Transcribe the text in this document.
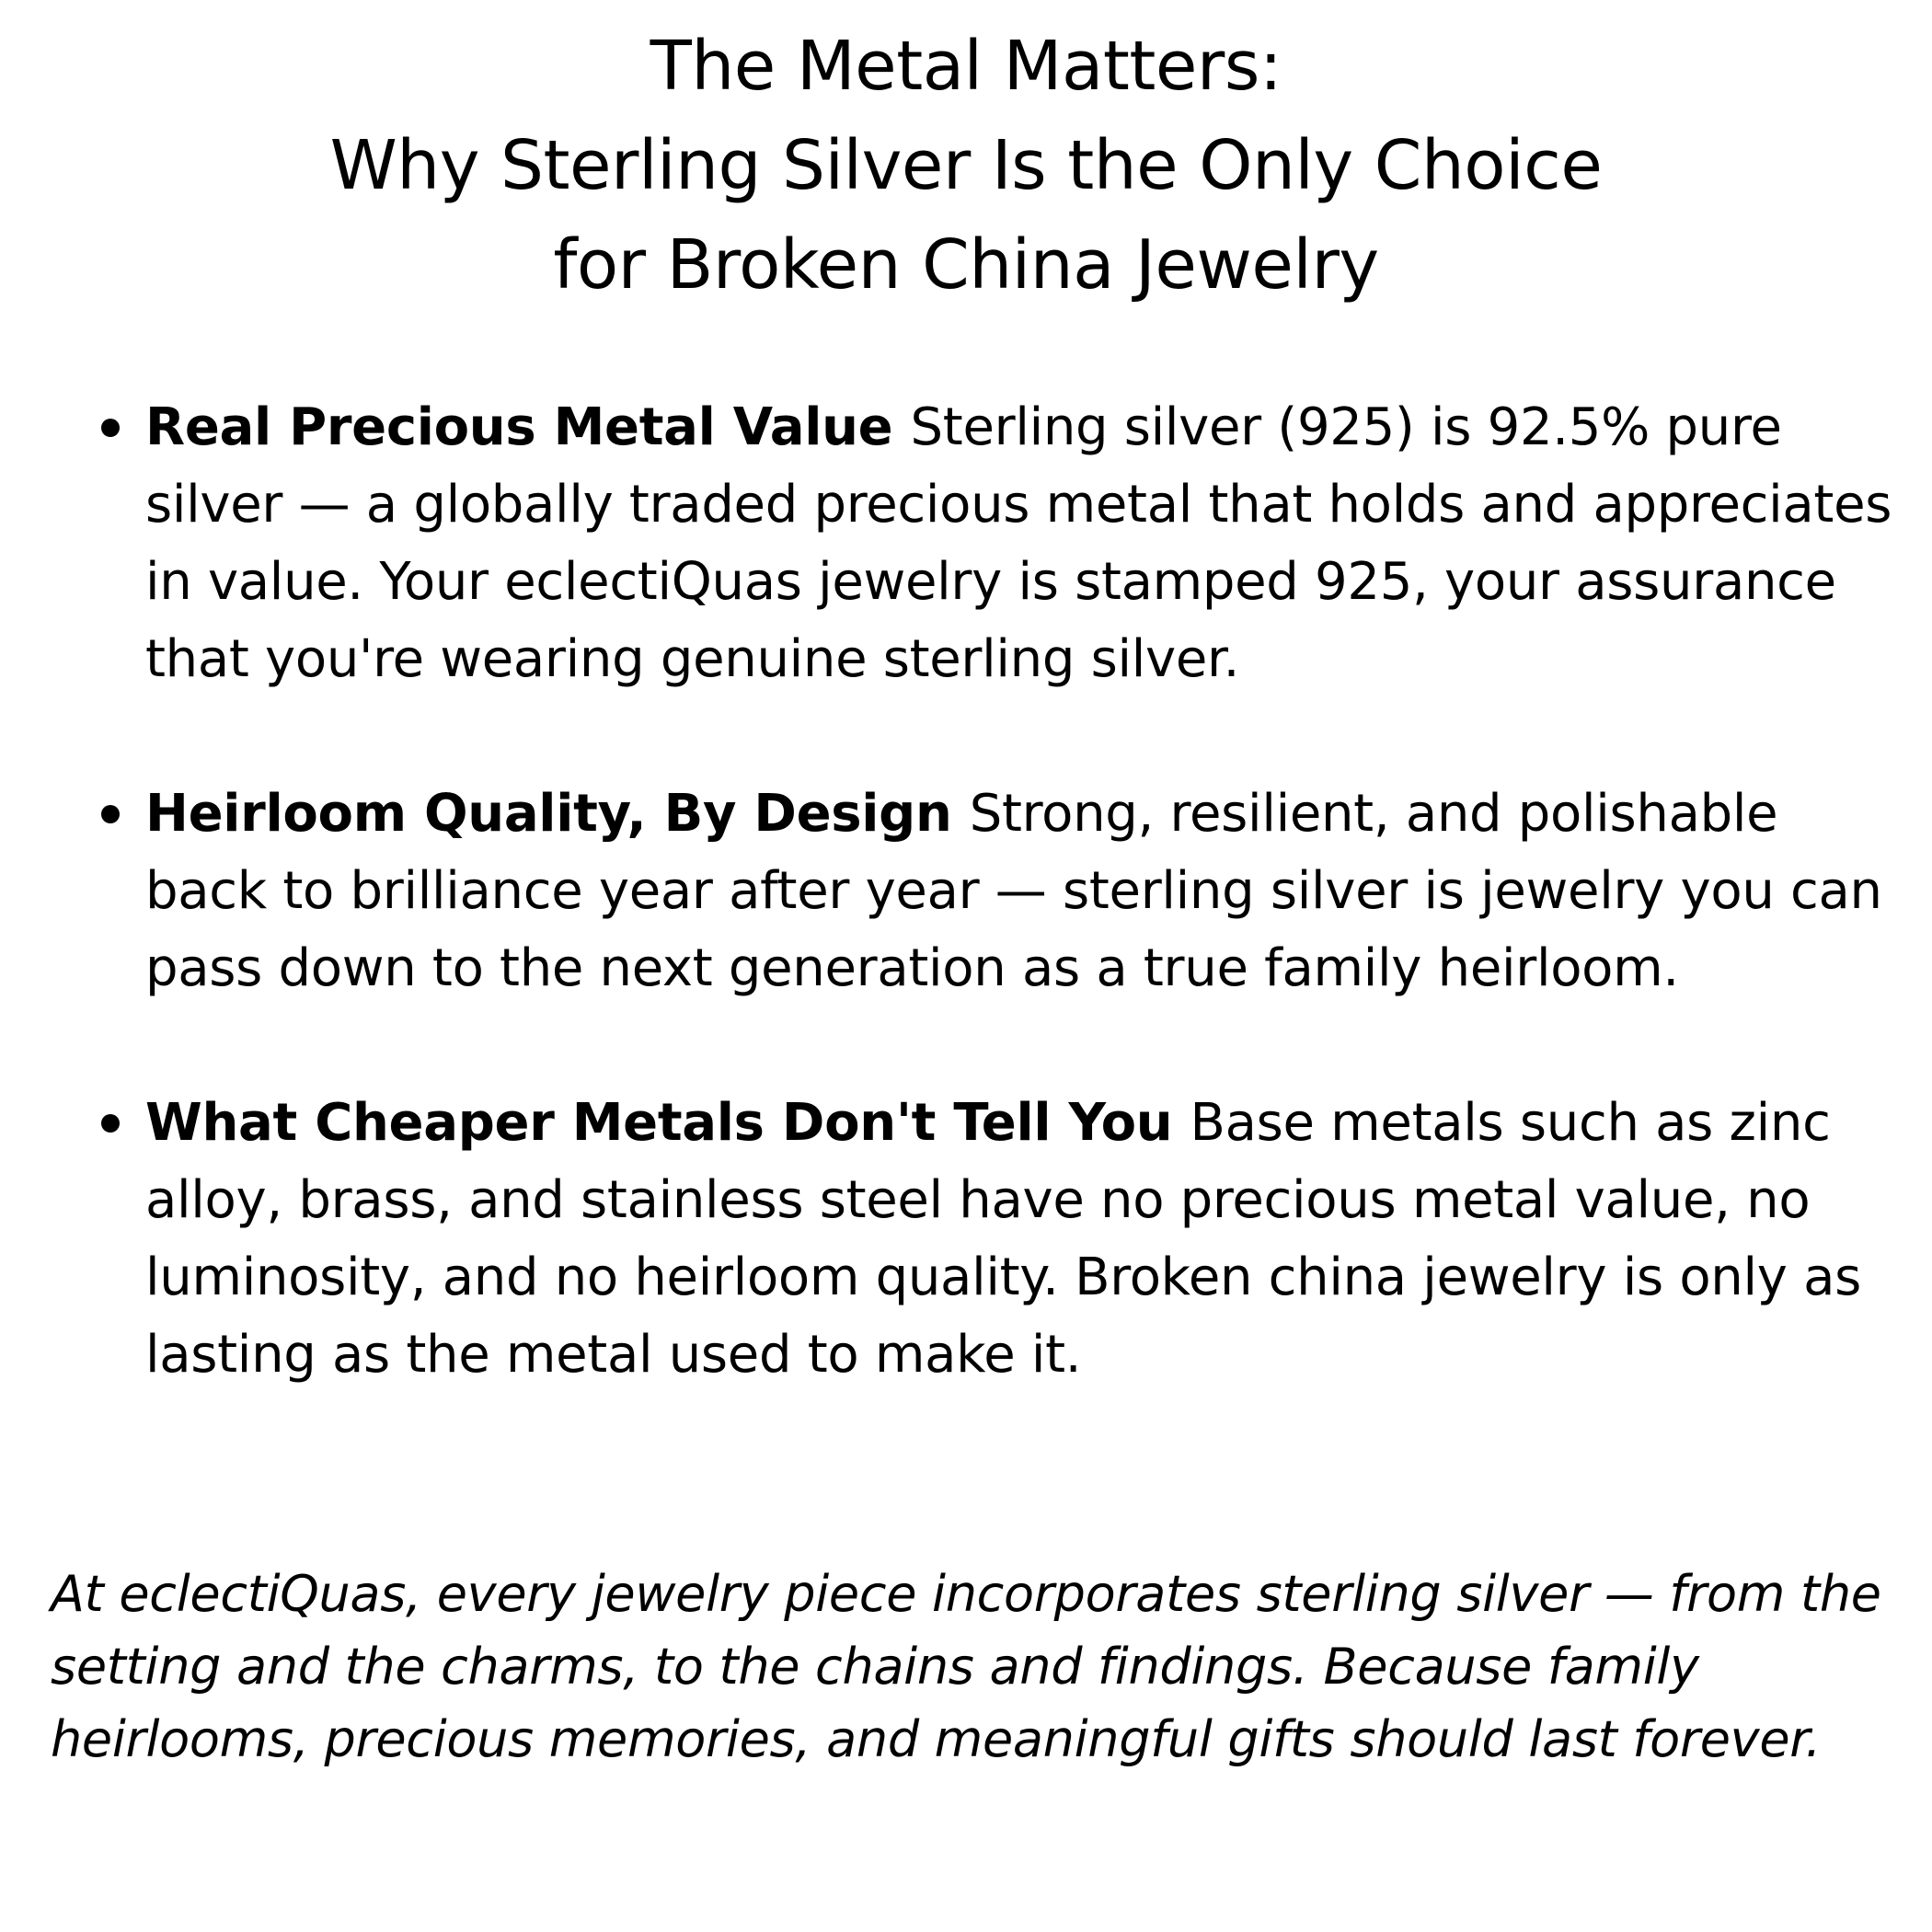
The Metal Matters:
Why Sterling Silver Is the Only Choice
for Broken China Jewelry
Real Precious Metal Value Sterling silver (925) is 92.5% pure silver — a globally traded precious metal that holds and appreciates in value. Your eclectiQuas jewelry is stamped 925, your assurance that you're wearing genuine sterling silver.
Heirloom Quality, By Design Strong, resilient, and polishable back to brilliance year after year — sterling silver is jewelry you can pass down to the next generation as a true family heirloom.
What Cheaper Metals Don't Tell You Base metals such as zinc alloy, brass, and stainless steel have no precious metal value, no luminosity, and no heirloom quality. Broken china jewelry is only as lasting as the metal used to make it.

At eclectiQuas, every jewelry piece incorporates sterling silver — from the setting and the charms, to the chains and findings. Because family heirlooms, precious memories, and meaningful gifts should last forever.
